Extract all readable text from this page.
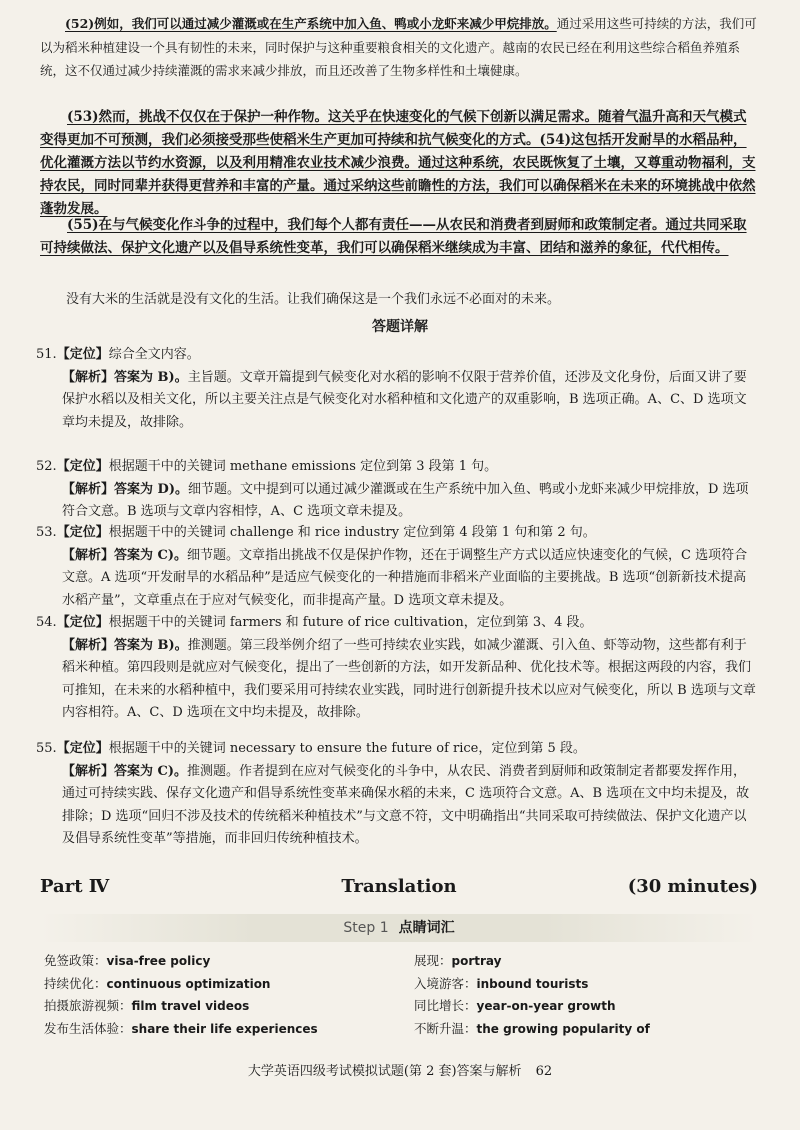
(52)例如，我们可以通过减少灌溉或在生产系统中加入鱼、鸭或小龙虾来减少甲烷排放。通过采用这些可持续的方法，我们可以为稻米种植建设一个具有韧性的未来，同时保护与这种重要粮食相关的文化遗产。越南的农民已经在利用这些综合稻鱼养殖系统，这不仅通过减少持续灌溉的需求来减少排放，而且还改善了生物多样性和土壤健康。

(53)然而，挑战不仅仅在于保护一种作物。这关乎在快速变化的气候下创新以满足需求。随着气温升高和天气模式变得更加不可预测，我们必须接受那些使稻米生产更加可持续和抗气候变化的方式。(54)这包括开发耐旱的水稻品种，优化灌溉方法以节约水资源，以及利用精准农业技术减少浪费。通过这种系统，农民既恢复了土壤，又尊重动物福利，支持农民，同时同辈并获得更营养和丰富的产量。通过采纳这些前瞻性的方法，我们可以确保稻米在未来的环境挑战中依然蓬勃发展。

(55)在与气候变化作斗争的过程中，我们每个人都有责任——从农民和消费者到厨师和政策制定者。通过共同采取可持续做法、保护文化遗产以及倡导系统性变革，我们可以确保稻米继续成为丰富、团结和滋养的象征，代代相传。

没有大米的生活就是没有文化的生活。让我们确保这是一个我们永远不必面对的未来。

答题详解
51.【定位】综合全文内容。
【解析】答案为 B)。主旨题。文章开篇提到气候变化对水稻的影响不仅限于营养价值，还涉及文化身份，后面又讲了要保护水稻以及相关文化，所以主要关注点是气候变化对水稻种植和文化遗产的双重影响，B 选项正确。A、C、D 选项文章均未提及，故排除。
52.【定位】根据题干中的关键词 methane emissions 定位到第 3 段第 1 句。
【解析】答案为 D)。细节题。文中提到可以通过减少灌溉或在生产系统中加入鱼、鸭或小龙虾来减少甲烷排放，D 选项符合文意。B 选项与文章内容相悖，A、C 选项文章未提及。
53.【定位】根据题干中的关键词 challenge 和 rice industry 定位到第 4 段第 1 句和第 2 句。
【解析】答案为 C)。细节题。文章指出挑战不仅是保护作物，还在于调整生产方式以适应快速变化的气候，C 选项符合文意。A 选项“开发耐旱的水稻品种”是适应气候变化的一种措施而非稻米产业面临的主要挑战。B 选项“创新新技术提高水稻产量”，文章重点在于应对气候变化，而非提高产量。D 选项文章未提及。
54.【定位】根据题干中的关键词 farmers 和 future of rice cultivation，定位到第 3、4 段。
【解析】答案为 B)。推测题。第三段举例介绍了一些可持续农业实践，如减少灌溉、引入鱼、虾等动物，这些都有利于稻米种植。第四段则是就应对气候变化，提出了一些创新的方法，如开发新品种、优化技术等。根据这两段的内容，我们可推知，在未来的水稻种植中，我们要采用可持续农业实践，同时进行创新提升技术以应对气候变化，所以 B 选项与文章内容相符。A、C、D 选项在文中均未提及，故排除。
55.【定位】根据题干中的关键词 necessary to ensure the future of rice，定位到第 5 段。
【解析】答案为 C)。推测题。作者提到在应对气候变化的斗争中，从农民、消费者到厨师和政策制定者都要发挥作用，通过可持续实践、保存文化遗产和倡导系统性变革来确保水稻的未来，C 选项符合文意。A、B 选项在文中均未提及，故排除；D 选项“回归不涉及技术的传统稻米种植技术”与文意不符，文中明确指出“共同采取可持续做法、保护文化遗产以及倡导系统性变革”等措施，而非回归传统种植技术。
Translation
Part Ⅳ	(30 minutes)
Step 1 点睛词汇
免签政策：visa-free policy
持续优化：continuous optimization
拍摄旅游视频：film travel videos
发布生活体验：share their life experiences
展现：portray
入境游客：inbound tourists
同比增长：year-on-year growth
不断升温：the growing popularity of
大学英语四级考试模拟试题(第 2 套)答案与解析 62
